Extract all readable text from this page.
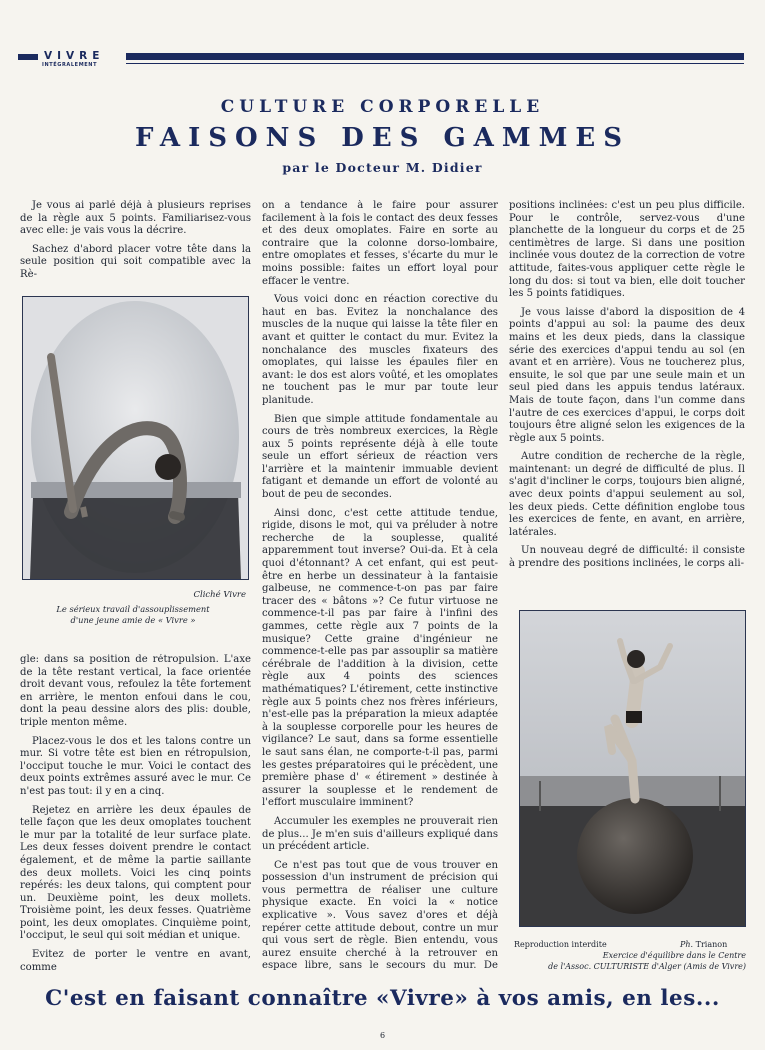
VIVRE
INTÉGRALEMENT
CULTURE CORPORELLE
FAISONS DES GAMMES
par le Docteur M. Didier

Je vous ai parlé déjà à plusieurs reprises de la règle aux 5 points. Familiarisez-vous avec elle: je vais vous la décrire.

Sachez d'abord placer votre tête dans la seule position qui soit compatible avec la Rè-

Cliché Vivre
Le sérieux travail d'assouplissement
d'une jeune amie de « Vivre »

gle: dans sa position de rétropulsion. L'axe de la tête restant vertical, la face orientée droit devant vous, refoulez la tête fortement en arrière, le menton enfoui dans le cou, dont la peau dessine alors des plis: double, triple menton même.

Placez-vous le dos et les talons contre un mur. Si votre tête est bien en rétropulsion, l'occiput touche le mur. Voici le contact des deux points extrêmes assuré avec le mur. Ce n'est pas tout: il y en a cinq.

Rejetez en arrière les deux épaules de telle façon que les deux omoplates touchent le mur par la totalité de leur surface plate. Les deux fesses doivent prendre le contact également, et de même la partie saillante des deux mollets. Voici les cinq points repérés: les deux talons, qui comptent pour un. Deuxième point, les deux mollets. Troisième point, les deux fesses. Quatrième point, les deux omoplates. Cinquième point, l'occiput, le seul qui soit médian et unique.

Evitez de porter le ventre en avant, comme

on a tendance à le faire pour assurer facilement à la fois le contact des deux fesses et des deux omoplates. Faire en sorte au contraire que la colonne dorso-lombaire, entre omoplates et fesses, s'écarte du mur le moins possible: faites un effort loyal pour effacer le ventre.

Vous voici donc en réaction corective du haut en bas. Evitez la nonchalance des muscles de la nuque qui laisse la tête filer en avant et quitter le contact du mur. Evitez la nonchalance des muscles fixateurs des omoplates, qui laisse les épaules filer en avant: le dos est alors voûté, et les omoplates ne touchent pas le mur par toute leur planitude.

Bien que simple attitude fondamentale au cours de très nombreux exercices, la Règle aux 5 points représente déjà à elle toute seule un effort sérieux de réaction vers l'arrière et la maintenir immuable devient fatigant et demande un effort de volonté au bout de peu de secondes.

Ainsi donc, c'est cette attitude tendue, rigide, disons le mot, qui va préluder à notre recherche de la souplesse, qualité apparemment tout inverse? Oui-da. Et à cela quoi d'étonnant? A cet enfant, qui est peut-être en herbe un dessinateur à la fantaisie galbeuse, ne commence-t-on pas par faire tracer des « bâtons »? Ce futur virtuose ne commence-t-il pas par faire à l'infini des gammes, cette règle aux 7 points de la musique? Cette graine d'ingénieur ne commence-t-elle pas par assouplir sa matière cérébrale de l'addition à la division, cette règle aux 4 points des sciences mathématiques? L'étirement, cette instinctive règle aux 5 points chez nos frères inférieurs, n'est-elle pas la préparation la mieux adaptée à la souplesse corporelle pour les heures de vigilance? Le saut, dans sa forme essentielle le saut sans élan, ne comporte-t-il pas, parmi les gestes préparatoires qui le précèdent, une première phase d' « étirement » destinée à assurer la souplesse et le rendement de l'effort musculaire imminent?

Accumuler les exemples ne prouverait rien de plus... Je m'en suis d'ailleurs expliqué dans un précédent article.

Ce n'est pas tout que de vous trouver en possession d'un instrument de précision qui vous permettra de réaliser une culture physique exacte. En voici la « notice explicative ». Vous savez d'ores et déjà repérer cette attitude debout, contre un mur qui vous sert de règle. Bien entendu, vous aurez ensuite cherché à la retrouver en espace libre, sans le secours du mur. De

positions inclinées: c'est un peu plus difficile. Pour le contrôle, servez-vous d'une planchette de la longueur du corps et de 25 centimètres de large. Si dans une position inclinée vous doutez de la correction de votre attitude, faites-vous appliquer cette règle le long du dos: si tout va bien, elle doit toucher les 5 points fatidiques.

Je vous laisse d'abord la disposition de 4 points d'appui au sol: la paume des deux mains et les deux pieds, dans la classique série des exercices d'appui tendu au sol (en avant et en arrière). Vous ne toucherez plus, ensuite, le sol que par une seule main et un seul pied dans les appuis tendus latéraux. Mais de toute façon, dans l'un comme dans l'autre de ces exercices d'appui, le corps doit toujours être aligné selon les exigences de la règle aux 5 points.

Autre condition de recherche de la règle, maintenant: un degré de difficulté de plus. Il s'agit d'incliner le corps, toujours bien aligné, avec deux points d'appui seulement au sol, les deux pieds. Cette définition englobe tous les exercices de fente, en avant, en arrière, latérales.

Un nouveau degré de difficulté: il consiste à prendre des positions inclinées, le corps ali-

Reproduction interdite	Ph. Trianon
Exercice d'équilibre dans le Centre
de l'Assoc. CULTURISTE d'Alger (Amis de Vivre)
C'est en faisant connaître «Vivre» à vos amis, en les...
6
